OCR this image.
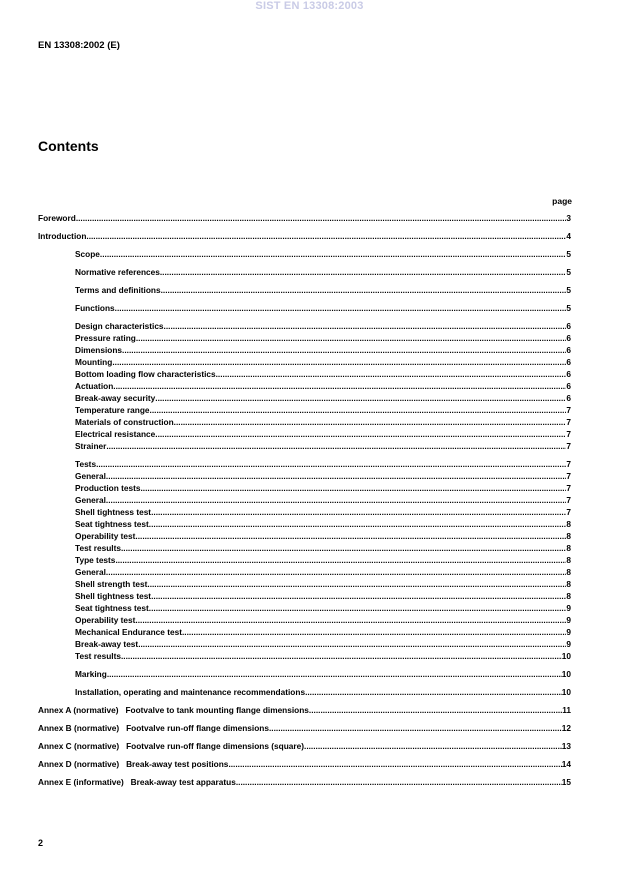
SIST EN 13308:2003
EN 13308:2002 (E)
Contents
page
Foreword .....	3
Introduction .....	4
Scope .....	5
Normative references .....	5
Terms and definitions .....	5
Functions .....	5
Design characteristics .....	6
Pressure rating .....	6
Dimensions .....	6
Mounting .....	6
Bottom loading flow characteristics .....	6
Actuation .....	6
Break-away security .....	6
Temperature range .....	7
Materials of construction .....	7
Electrical resistance .....	7
Strainer .....	7
Tests .....	7
General .....	7
Production tests .....	7
General .....	7
Shell tightness test .....	7
Seat tightness test .....	8
Operability test .....	8
Test results .....	8
Type tests .....	8
General .....	8
Shell strength test .....	8
Shell tightness test .....	8
Seat tightness test .....	9
Operability test .....	9
Mechanical Endurance test .....	9
Break-away test .....	9
Test results .....	10
Marking .....	10
Installation, operating and maintenance recommendations .....	10
Annex A (normative) Footvalve to tank mounting flange dimensions .....	11
Annex B (normative) Footvalve run-off flange dimensions .....	12
Annex C (normative) Footvalve run-off flange dimensions (square) .....	13
Annex D (normative) Break-away test positions .....	14
Annex E (informative) Break-away test apparatus .....	15
2
